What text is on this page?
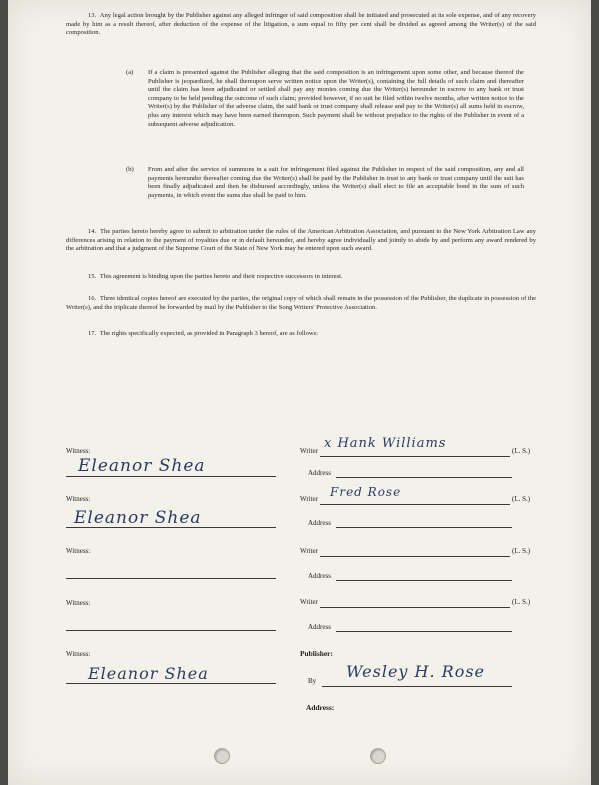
13. Any legal action brought by the Publisher against any alleged infringer of said composition shall be initiated and prosecuted at its sole expense, and of any recovery made by him as a result thereof, after deduction of the expense of the litigation, a sum equal to fifty per cent shall be divided as agreed among the Writer(s) of the said composition.

(a) If a claim is presented against the Publisher alleging that the said composition is an infringement upon some other, and because thereof the Publisher is jeopardized, he shall thereupon serve written notice upon the Writer(s), containing the full details of such claim and thereafter until the claim has been adjudicated or settled shall pay any monies coming due the Writer(s) hereunder in escrow to any bank or trust company to be held pending the outcome of such claim; provided however, if no suit be filed within twelve months, after written notice to the Writer(s) by the Publisher of the adverse claim, the said bank or trust company shall release and pay to the Writer(s) all sums held in escrow, plus any interest which may have been earned thereupon. Such payment shall be without prejudice to the rights of the Publisher in event of a subsequent adverse adjudication.

(b) From and after the service of summons in a suit for infringement filed against the Publisher in respect of the said composition, any and all payments hereunder thereafter coming due the Writer(s) shall be paid by the Publisher in trust to any bank or trust company until the suit has been finally adjudicated and then be disbursed accordingly, unless the Writer(s) shall elect to file an acceptable bond in the sum of such payments, in which event the sums due shall be paid to him.

14. The parties hereto hereby agree to submit to arbitration under the rules of the American Arbitration Association, and pursuant to the New York Arbitration Law any differences arising in relation to the payment of royalties due or in default hereunder, and hereby agree individually and jointly to abide by and perform any award rendered by the arbitration and that a judgment of the Supreme Court of the State of New York may be entered upon such award.

15. This agreement is binding upon the parties hereto and their respective successors in interest.

16. Three identical copies hereof are executed by the parties, the original copy of which shall remain in the possession of the Publisher, the duplicate in possession of the Writer(s), and the triplicate thereof be forwarded by mail by the Publisher to the Song Writers' Protective Association.

17. The rights specifically expected, as provided in Paragraph 3 hereof, are as follows:

Witness:	Writer x Hank Williams	(L. S.)
Eleanor Shea	Address
Witness:	Writer Fred Rose	(L. S.)
Eleanor Shea	Address
Witness:	Writer	(L. S.)
Address
Witness:	Writer	(L. S.)
Address
Witness:	Publisher:
Eleanor Shea	By Wesley H. Rose
Address:
